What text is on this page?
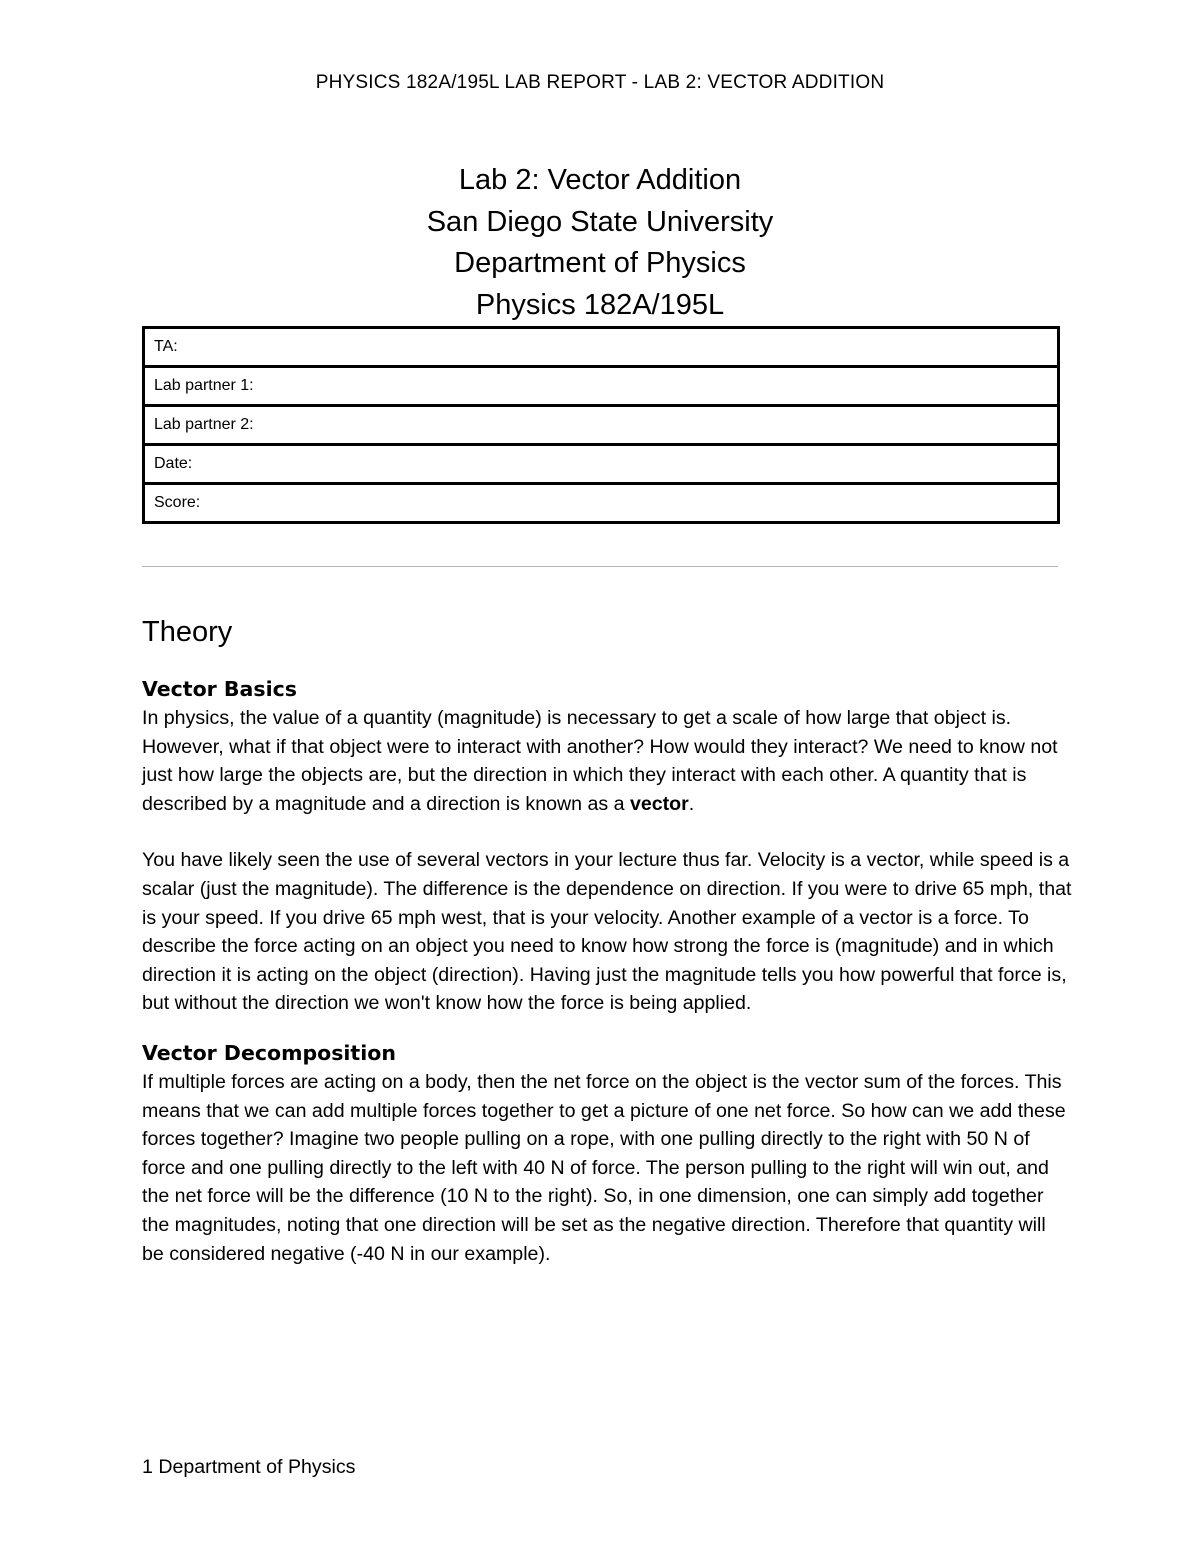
PHYSICS 182A/195L LAB REPORT - LAB 2: VECTOR ADDITION
Lab 2: Vector Addition
San Diego State University
Department of Physics
Physics 182A/195L
TA:
Lab partner 1:
Lab partner 2:
Date:
Score:
Theory
Vector Basics

In physics, the value of a quantity (magnitude) is necessary to get a scale of how large that object is. However, what if that object were to interact with another? How would they interact? We need to know not just how large the objects are, but the direction in which they interact with each other. A quantity that is described by a magnitude and a direction is known as a vector.

You have likely seen the use of several vectors in your lecture thus far. Velocity is a vector, while speed is a scalar (just the magnitude). The difference is the dependence on direction. If you were to drive 65 mph, that is your speed. If you drive 65 mph west, that is your velocity. Another example of a vector is a force. To describe the force acting on an object you need to know how strong the force is (magnitude) and in which direction it is acting on the object (direction). Having just the magnitude tells you how powerful that force is, but without the direction we won't know how the force is being applied.

Vector Decomposition

If multiple forces are acting on a body, then the net force on the object is the vector sum of the forces. This means that we can add multiple forces together to get a picture of one net force. So how can we add these forces together? Imagine two people pulling on a rope, with one pulling directly to the right with 50 N of force and one pulling directly to the left with 40 N of force. The person pulling to the right will win out, and the net force will be the difference (10 N to the right). So, in one dimension, one can simply add together the magnitudes, noting that one direction will be set as the negative direction. Therefore that quantity will be considered negative (-40 N in our example).

1 Department of Physics
